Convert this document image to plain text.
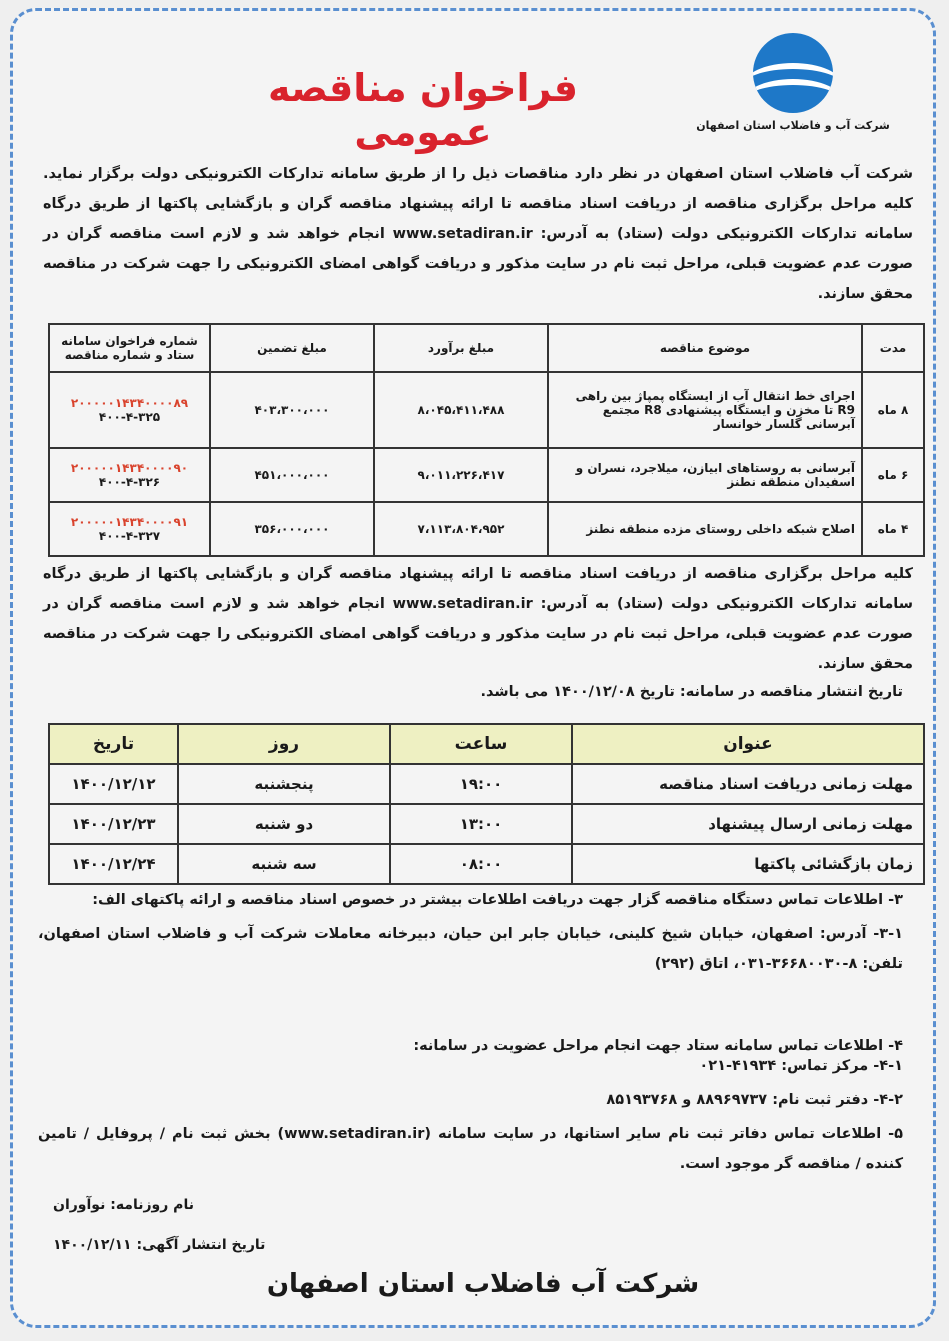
شرکت آب و فاضلاب استان اصفهان
فراخوان مناقصه عمومی
شرکت آب فاضلاب استان اصفهان در نظر دارد مناقصات ذیل را از طریق سامانه تدارکات الکترونیکی دولت برگزار نماید. کلیه مراحل برگزاری مناقصه از دریافت اسناد مناقصه تا ارائه پیشنهاد مناقصه گران و بازگشایی پاکتها از طریق درگاه سامانه تدارکات الکترونیکی دولت (ستاد) به آدرس: www.setadiran.ir انجام خواهد شد و لازم است مناقصه گران در صورت عدم عضویت قبلی، مراحل ثبت نام در سایت مذکور و دریافت گواهی امضای الکترونیکی را جهت شرکت در مناقصه محقق سازند.
مدت	موضوع مناقصه	مبلغ برآورد	مبلغ تضمین	شماره فراخوان سامانه ستاد و شماره مناقصه
۸ ماه	اجرای خط انتقال آب از ایستگاه پمپاژ بین راهی R9 تا مخزن و ایستگاه پیشنهادی R8 مجتمع آبرسانی گلسار خوانسار	۸،۰۴۵،۴۱۱،۴۸۸	۴۰۳،۳۰۰،۰۰۰	۲۰۰۰۰۰۱۴۳۴۰۰۰۰۸۹
۴۰۰-۴-۳۲۵
۶ ماه	آبرسانی به روستاهای ابیازن، میلاجرد، نسران و اسفیدان منطقه نطنز	۹،۰۱۱،۲۲۶،۴۱۷	۴۵۱،۰۰۰،۰۰۰	۲۰۰۰۰۰۱۴۳۴۰۰۰۰۹۰
۴۰۰-۴-۳۲۶
۴ ماه	اصلاح شبکه داخلی روستای مزده منطقه نطنز	۷،۱۱۳،۸۰۴،۹۵۲	۳۵۶،۰۰۰،۰۰۰	۲۰۰۰۰۰۱۴۳۴۰۰۰۰۹۱
۴۰۰-۴-۳۲۷
کلیه مراحل برگزاری مناقصه از دریافت اسناد مناقصه تا ارائه پیشنهاد مناقصه گران و بازگشایی پاکتها از طریق درگاه سامانه تدارکات الکترونیکی دولت (ستاد) به آدرس: www.setadiran.ir انجام خواهد شد و لازم است مناقصه گران در صورت عدم عضویت قبلی، مراحل ثبت نام در سایت مذکور و دریافت گواهی امضای الکترونیکی را جهت شرکت در مناقصه محقق سازند.
تاریخ انتشار مناقصه در سامانه: تاریخ ۱۴۰۰/۱۲/۰۸ می باشد.
عنوان	ساعت	روز	تاریخ
مهلت زمانی دریافت اسناد مناقصه	۱۹:۰۰	پنجشنبه	۱۴۰۰/۱۲/۱۲
مهلت زمانی ارسال پیشنهاد	۱۳:۰۰	دو شنبه	۱۴۰۰/۱۲/۲۳
زمان بازگشائی پاکتها	۰۸:۰۰	سه شنبه	۱۴۰۰/۱۲/۲۴
۳- اطلاعات تماس دستگاه مناقصه گزار جهت دریافت اطلاعات بیشتر در خصوص اسناد مناقصه و ارائه پاکتهای الف:
۳-۱- آدرس: اصفهان، خیابان شیخ کلینی، خیابان جابر ابن حیان، دبیرخانه معاملات شرکت آب و فاضلاب استان اصفهان، تلفن: ۸-۳۶۶۸۰۰۳۰-۰۳۱، اتاق (۲۹۲)
۴- اطلاعات تماس سامانه ستاد جهت انجام مراحل عضویت در سامانه:
۴-۱- مرکز تماس: ۴۱۹۳۴-۰۲۱
۴-۲- دفتر ثبت نام: ۸۸۹۶۹۷۳۷ و ۸۵۱۹۳۷۶۸
۵- اطلاعات تماس دفاتر ثبت نام سایر استانها، در سایت سامانه (www.setadiran.ir) بخش ثبت نام / پروفایل / تامین کننده / مناقصه گر موجود است.
نام روزنامه: نوآوران
تاریخ انتشار آگهی: ۱۴۰۰/۱۲/۱۱
شرکت آب فاضلاب استان اصفهان
